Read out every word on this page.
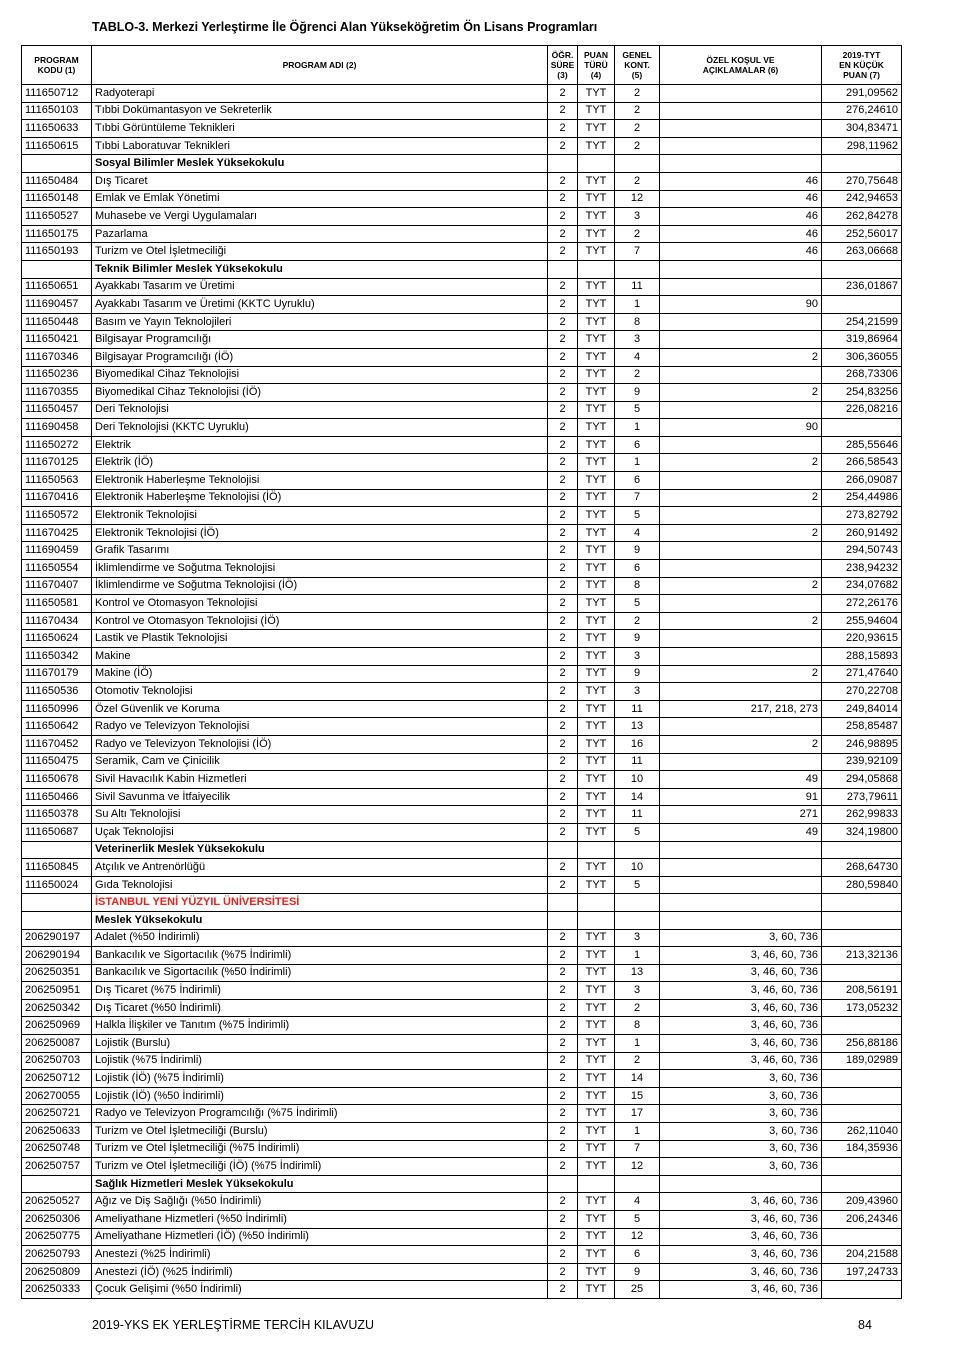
TABLO-3. Merkezi Yerleştirme İle Öğrenci Alan Yükseköğretim Ön Lisans Programları
PROGRAM
KODU (1)	PROGRAM ADI (2)	ÖĞR.
SÜRE
(3)	PUAN
TÜRÜ
(4)	GENEL
KONT.
(5)	ÖZEL KOŞUL VE
AÇIKLAMALAR (6)	2019-TYT
EN KÜÇÜK
PUAN (7)
111650712	Radyoterapi	2	TYT	2		291,09562
111650103	Tıbbi Dokümantasyon ve Sekreterlik	2	TYT	2		276,24610
111650633	Tıbbi Görüntüleme Teknikleri	2	TYT	2		304,83471
111650615	Tıbbi Laboratuvar Teknikleri	2	TYT	2		298,11962
	Sosyal Bilimler Meslek Yüksekokulu					
111650484	Dış Ticaret	2	TYT	2	46	270,75648
111650148	Emlak ve Emlak Yönetimi	2	TYT	12	46	242,94653
111650527	Muhasebe ve Vergi Uygulamaları	2	TYT	3	46	262,84278
111650175	Pazarlama	2	TYT	2	46	252,56017
111650193	Turizm ve Otel İşletmeciliği	2	TYT	7	46	263,06668
	Teknik Bilimler Meslek Yüksekokulu					
111650651	Ayakkabı Tasarım ve Üretimi	2	TYT	11		236,01867
111690457	Ayakkabı Tasarım ve Üretimi (KKTC Uyruklu)	2	TYT	1	90	
111650448	Basım ve Yayın Teknolojileri	2	TYT	8		254,21599
111650421	Bilgisayar Programcılığı	2	TYT	3		319,86964
111670346	Bilgisayar Programcılığı (İÖ)	2	TYT	4	2	306,36055
111650236	Biyomedikal Cihaz Teknolojisi	2	TYT	2		268,73306
111670355	Biyomedikal Cihaz Teknolojisi (İÖ)	2	TYT	9	2	254,83256
111650457	Deri Teknolojisi	2	TYT	5		226,08216
111690458	Deri Teknolojisi (KKTC Uyruklu)	2	TYT	1	90	
111650272	Elektrik	2	TYT	6		285,55646
111670125	Elektrik (İÖ)	2	TYT	1	2	266,58543
111650563	Elektronik Haberleşme Teknolojisi	2	TYT	6		266,09087
111670416	Elektronik Haberleşme Teknolojisi (İÖ)	2	TYT	7	2	254,44986
111650572	Elektronik Teknolojisi	2	TYT	5		273,82792
111670425	Elektronik Teknolojisi (İÖ)	2	TYT	4	2	260,91492
111690459	Grafik Tasarımı	2	TYT	9		294,50743
111650554	İklimlendirme ve Soğutma Teknolojisi	2	TYT	6		238,94232
111670407	İklimlendirme ve Soğutma Teknolojisi (İÖ)	2	TYT	8	2	234,07682
111650581	Kontrol ve Otomasyon Teknolojisi	2	TYT	5		272,26176
111670434	Kontrol ve Otomasyon Teknolojisi (İÖ)	2	TYT	2	2	255,94604
111650624	Lastik ve Plastik Teknolojisi	2	TYT	9		220,93615
111650342	Makine	2	TYT	3		288,15893
111670179	Makine (İÖ)	2	TYT	9	2	271,47640
111650536	Otomotiv Teknolojisi	2	TYT	3		270,22708
111650996	Özel Güvenlik ve Koruma	2	TYT	11	217, 218, 273	249,84014
111650642	Radyo ve Televizyon Teknolojisi	2	TYT	13		258,85487
111670452	Radyo ve Televizyon Teknolojisi (İÖ)	2	TYT	16	2	246,98895
111650475	Seramik, Cam ve Çinicilik	2	TYT	11		239,92109
111650678	Sivil Havacılık Kabin Hizmetleri	2	TYT	10	49	294,05868
111650466	Sivil Savunma ve İtfaiyecilik	2	TYT	14	91	273,79611
111650378	Su Altı Teknolojisi	2	TYT	11	271	262,99833
111650687	Uçak Teknolojisi	2	TYT	5	49	324,19800
	Veterinerlik Meslek Yüksekokulu					
111650845	Atçılık ve Antrenörlüğü	2	TYT	10		268,64730
111650024	Gıda Teknolojisi	2	TYT	5		280,59840
	İSTANBUL YENİ YÜZYIL ÜNİVERSİTESİ					
	Meslek Yüksekokulu					
206290197	Adalet (%50 İndirimli)	2	TYT	3	3, 60, 736	
206290194	Bankacılık ve Sigortacılık (%75 İndirimli)	2	TYT	1	3, 46, 60, 736	213,32136
206250351	Bankacılık ve Sigortacılık (%50 İndirimli)	2	TYT	13	3, 46, 60, 736	
206250951	Dış Ticaret (%75 İndirimli)	2	TYT	3	3, 46, 60, 736	208,56191
206250342	Dış Ticaret (%50 İndirimli)	2	TYT	2	3, 46, 60, 736	173,05232
206250969	Halkla İlişkiler ve Tanıtım (%75 İndirimli)	2	TYT	8	3, 46, 60, 736	
206250087	Lojistik (Burslu)	2	TYT	1	3, 46, 60, 736	256,88186
206250703	Lojistik (%75 İndirimli)	2	TYT	2	3, 46, 60, 736	189,02989
206250712	Lojistik (İÖ) (%75 İndirimli)	2	TYT	14	3, 60, 736	
206270055	Lojistik (İÖ) (%50 İndirimli)	2	TYT	15	3, 60, 736	
206250721	Radyo ve Televizyon Programcılığı (%75 İndirimli)	2	TYT	17	3, 60, 736	
206250633	Turizm ve Otel İşletmeciliği (Burslu)	2	TYT	1	3, 60, 736	262,11040
206250748	Turizm ve Otel İşletmeciliği (%75 İndirimli)	2	TYT	7	3, 60, 736	184,35936
206250757	Turizm ve Otel İşletmeciliği (İÖ) (%75 İndirimli)	2	TYT	12	3, 60, 736	
	Sağlık Hizmetleri Meslek Yüksekokulu					
206250527	Ağız ve Diş Sağlığı (%50 İndirimli)	2	TYT	4	3, 46, 60, 736	209,43960
206250306	Ameliyathane Hizmetleri (%50 İndirimli)	2	TYT	5	3, 46, 60, 736	206,24346
206250775	Ameliyathane Hizmetleri (İÖ) (%50 İndirimli)	2	TYT	12	3, 46, 60, 736	
206250793	Anestezi (%25 İndirimli)	2	TYT	6	3, 46, 60, 736	204,21588
206250809	Anestezi (İÖ) (%25 İndirimli)	2	TYT	9	3, 46, 60, 736	197,24733
206250333	Çocuk Gelişimi (%50 İndirimli)	2	TYT	25	3, 46, 60, 736	
2019-YKS EK YERLEŞTİRME TERCİH KILAVUZU	84
